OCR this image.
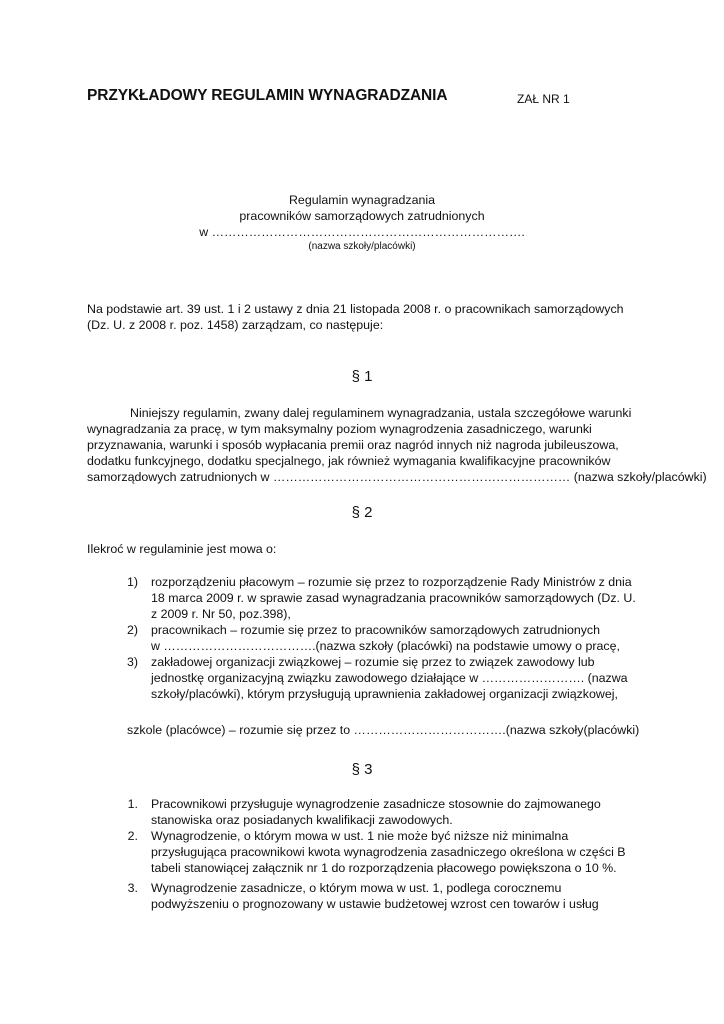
PRZYKŁADOWY REGULAMIN WYNAGRADZANIA	ZAŁ NR 1
Regulamin wynagradzania
pracowników samorządowych zatrudnionych
w ………………………………………………………………….
(nazwa szkoły/placówki)

Na podstawie art. 39 ust. 1 i 2 ustawy z dnia 21 listopada 2008 r. o pracownikach samorządowych

(Dz. U. z 2008 r. poz. 1458) zarządzam, co następuje:

§ 1

Niniejszy regulamin, zwany dalej regulaminem wynagradzania, ustala szczegółowe warunki

wynagradzania za pracę, w tym maksymalny poziom wynagrodzenia zasadniczego, warunki

przyznawania, warunki i sposób wypłacania premii oraz nagród innych niż nagroda jubileuszowa,

dodatku funkcyjnego, dodatku specjalnego, jak również wymagania kwalifikacyjne pracowników

samorządowych zatrudnionych w ……………………………………………………………… (nazwa szkoły/placówki)

§ 2
Ilekroć w regulaminie jest mowa o:
1) rozporządzeniu płacowym – rozumie się przez to rozporządzenie Rady Ministrów z dnia
18 marca 2009 r. w sprawie zasad wynagradzania pracowników samorządowych (Dz. U.
z 2009 r. Nr 50, poz.398),
2) pracownikach – rozumie się przez to pracowników samorządowych zatrudnionych
w ……………………………….(nazwa szkoły (placówki) na podstawie umowy o pracę,
3) zakładowej organizacji związkowej – rozumie się przez to związek zawodowy lub
jednostkę organizacyjną związku zawodowego działające w ……………………. (nazwa
szkoły/placówki), którym przysługują uprawnienia zakładowej organizacji związkowej,
szkole (placówce) – rozumie się przez to ……………………………….(nazwa szkoły(placówki)
§ 3
1. Pracownikowi przysługuje wynagrodzenie zasadnicze stosownie do zajmowanego
stanowiska oraz posiadanych kwalifikacji zawodowych.
2. Wynagrodzenie, o którym mowa w ust. 1 nie może być niższe niż minimalna
przysługująca pracownikowi kwota wynagrodzenia zasadniczego określona w części B
tabeli stanowiącej załącznik nr 1 do rozporządzenia płacowego powiększona o 10 %.
3. Wynagrodzenie zasadnicze, o którym mowa w ust. 1, podlega corocznemu
podwyższeniu o prognozowany w ustawie budżetowej wzrost cen towarów i usług
